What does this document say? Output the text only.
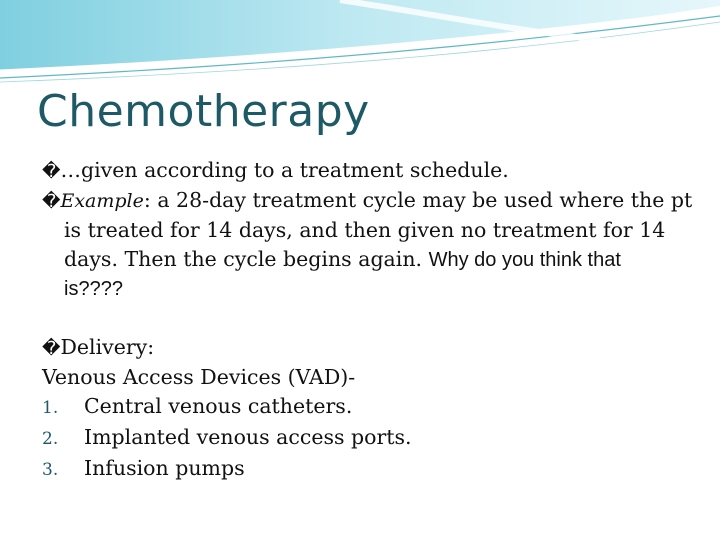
Chemotherapy
�…given according to a treatment schedule.
�Example: a 28-day treatment cycle may be used where the pt
is treated for 14 days, and then given no treatment for 14
days. Then the cycle begins again. Why do you think that
is????
�Delivery:
Venous Access Devices (VAD)-
1. Central venous catheters.
2. Implanted venous access ports.
3. Infusion pumps
